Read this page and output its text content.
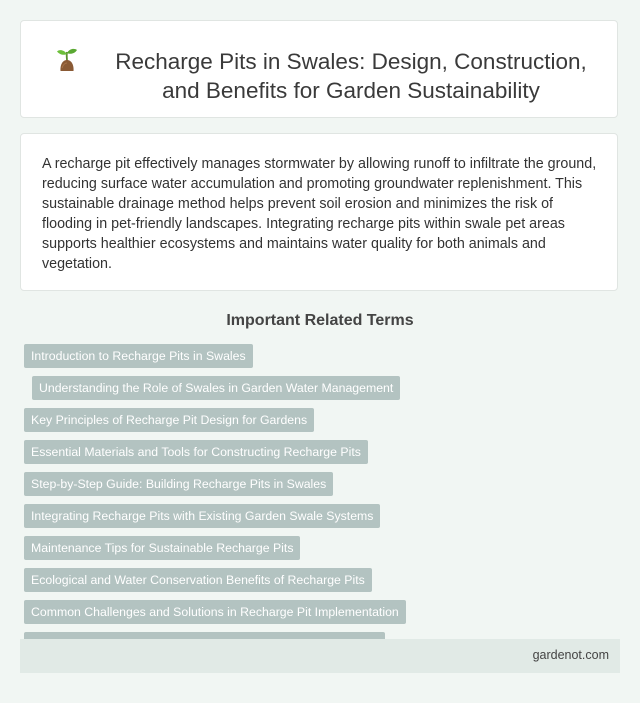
Recharge Pits in Swales: Design, Construction, and Benefits for Garden Sustainability

A recharge pit effectively manages stormwater by allowing runoff to infiltrate the ground, reducing surface water accumulation and promoting groundwater replenishment. This sustainable drainage method helps prevent soil erosion and minimizes the risk of flooding in pet-friendly landscapes. Integrating recharge pits within swale pet areas supports healthier ecosystems and maintains water quality for both animals and vegetation.

Important Related Terms
Introduction to Recharge Pits in Swales
Understanding the Role of Swales in Garden Water Management
Key Principles of Recharge Pit Design for Gardens
Essential Materials and Tools for Constructing Recharge Pits
Step-by-Step Guide: Building Recharge Pits in Swales
Integrating Recharge Pits with Existing Garden Swale Systems
Maintenance Tips for Sustainable Recharge Pits
Ecological and Water Conservation Benefits of Recharge Pits
Common Challenges and Solutions in Recharge Pit Implementation
gardenot.com
